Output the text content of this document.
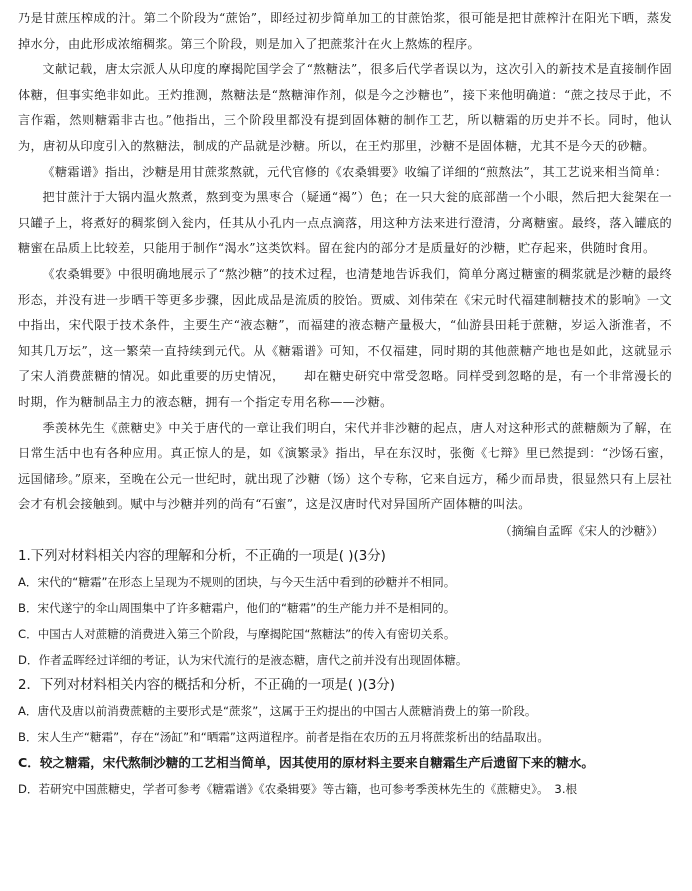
乃是甘蔗压榨成的汁。第二个阶段为“蔗饴”，即经过初步简单加工的甘蔗饴浆，很可能是把甘蔗榨汁在阳光下晒，蒸发掉水分，由此形成浓缩稠浆。第三个阶段，则是加入了把蔗浆汁在火上熬炼的程序。

文献记载，唐太宗派人从印度的摩揭陀国学会了“熬糖法”，很多后代学者误以为，这次引入的新技术是直接制作固体糖，但事实绝非如此。王灼推测，熬糖法是“熬糖渖作剂，似是今之沙糖也”，接下来他明确道：“蔗之技尽于此，不言作霜，然则糖霜非古也。”他指出，三个阶段里都没有提到固体糖的制作工艺，所以糖霜的历史并不长。同时，他认为，唐初从印度引入的熬糖法，制成的产品就是沙糖。所以，在王灼那里，沙糖不是固体糖，尤其不是今天的砂糖。

《糖霜谱》指出，沙糖是用甘蔗浆熬就，元代官修的《农桑辑要》收编了详细的“煎熬法”，其工艺说来相当简单：

把甘蔗汁于大锅内温火熬煮，熬到变为黑枣合（疑通“褐”）色；在一只大瓮的底部凿一个小眼，然后把大瓮架在一只罐子上，将煮好的稠浆倒入瓮内，任其从小孔内一点点滴落，用这种方法来进行澄清，分离糖蜜。最终，落入罐底的糖蜜在品质上比较差，只能用于制作“渴水”这类饮料。留在瓮内的部分才是质量好的沙糖，贮存起来，供随时食用。

《农桑辑要》中很明确地展示了“熬沙糖”的技术过程，也清楚地告诉我们，简单分离过糖蜜的稠浆就是沙糖的最终形态，并没有进一步晒干等更多步骤，因此成品是流质的胶饴。贾威、刘伟荣在《宋元时代福建制糖技术的影响》一文中指出，宋代限于技术条件，主要生产“液态糖”，而福建的液态糖产量极大，“仙游县田耗于蔗糖，岁运入浙淮者，不知其几万坛”，这一繁荣一直持续到元代。从《糖霜谱》可知，不仅福建，同时期的其他蔗糖产地也是如此，这就显示了宋人消费蔗糖的情况。如此重要的历史情况，　　却在糖史研究中常受忽略。同样受到忽略的是，有一个非常漫长的时期，作为糖制品主力的液态糖，拥有一个指定专用名称——沙糖。

季羡林先生《蔗糖史》中关于唐代的一章让我们明白，宋代并非沙糖的起点，唐人对这种形式的蔗糖颇为了解，在日常生活中也有各种应用。真正惊人的是，如《演繁录》指出，早在东汉时，张衡《七辩》里已然提到：“沙饧石蜜，远国储珍。”原来，至晚在公元一世纪时，就出现了沙糖（饧）这个专称，它来自远方，稀少而昂贵，很显然只有上层社会才有机会接触到。赋中与沙糖并列的尚有“石蜜”，这是汉唐时代对异国所产固体糖的叫法。

（摘编自孟晖《宋人的沙糖》）

1.下列对材料相关内容的理解和分析，不正确的一项是( )(3分)

A．宋代的“糖霜”在形态上呈现为不规则的团块，与今天生活中看到的砂糖并不相同。

B．宋代遂宁的伞山周围集中了许多糖霜户，他们的“糖霜”的生产能力并不是相同的。

C．中国古人对蔗糖的消费进入第三个阶段，与摩揭陀国“熬糖法”的传入有密切关系。

D．作者孟晖经过详细的考证，认为宋代流行的是液态糖，唐代之前并没有出现固体糖。

2．下列对材料相关内容的概括和分析，不正确的一项是( )(3分)

A．唐代及唐以前消费蔗糖的主要形式是“蔗浆”，这属于王灼提出的中国古人蔗糖消费上的第一阶段。

B．宋人生产“糖霜”，存在“汤缸”和“晒霜”这两道程序。前者是指在农历的五月将蔗浆析出的结晶取出。

C．较之糖霜，宋代熬制沙糖的工艺相当简单，因其使用的原材料主要来自糖霜生产后遗留下来的糖水。

D．若研究中国蔗糖史，学者可参考《糖霜谱》《农桑辑要》等古籍，也可参考季羡林先生的《蔗糖史》。　3.根
